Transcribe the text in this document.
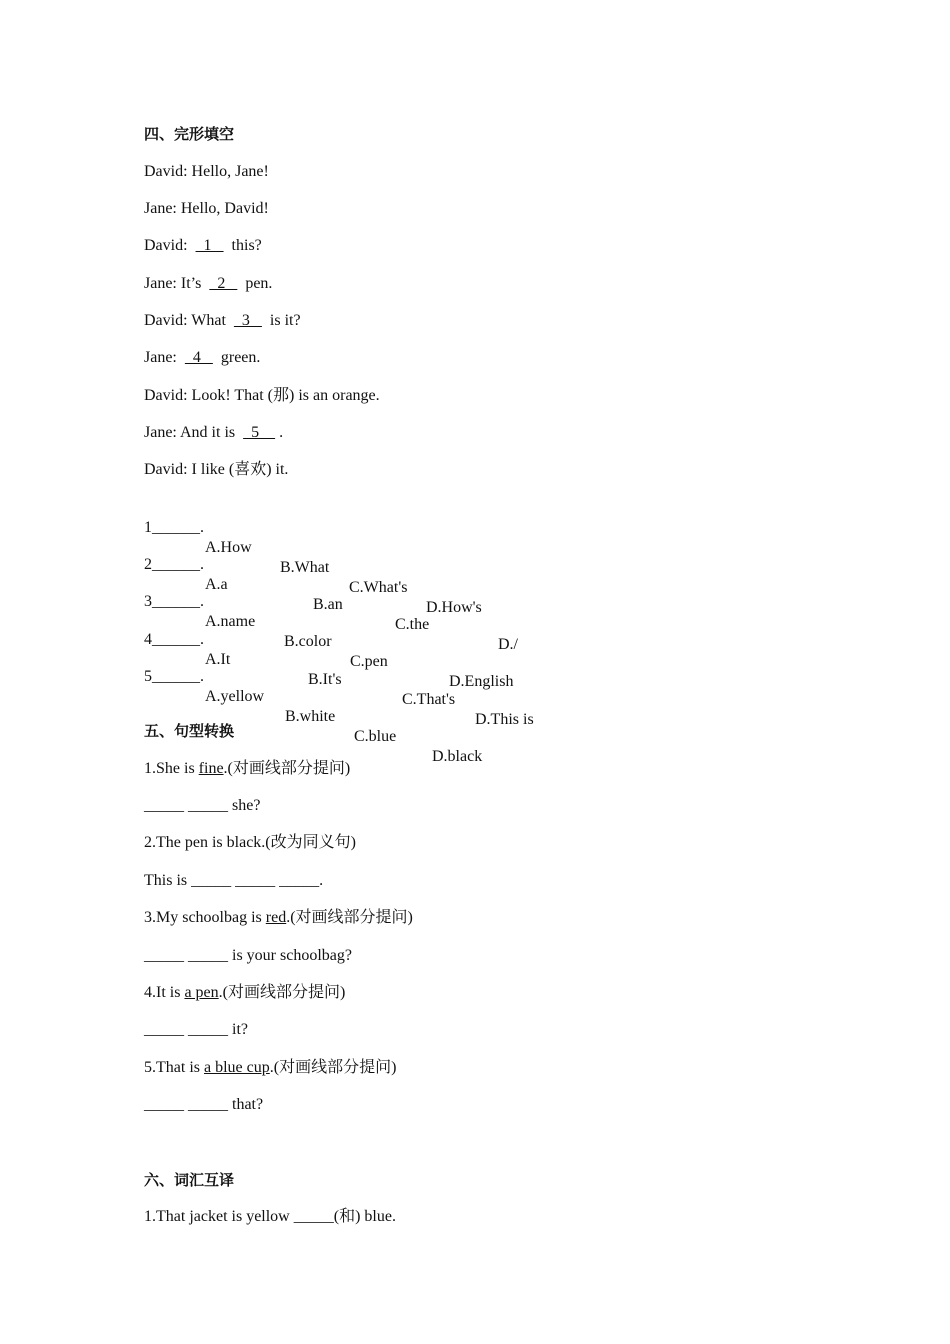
四、完形填空
David: Hello, Jane!
Jane: Hello, David!
David:    1     this?
Jane: It’s    2     pen.
David: What    3     is it?
Jane:    4     green.
David: Look! That (那) is an orange.
Jane: And it is    5     .
David: I like (喜欢) it.

1______.

A.How

B.What

C.What's

D.How's

2______.

A.a

B.an

C.the

D./

3______.

A.name

B.color

C.pen

D.English

4______.

A.It

B.It's

C.That's

D.This is

5______.

A.yellow

B.white

C.blue

D.black

五、句型转换
1.She is fine.(对画线部分提问)
_____ _____ she?
2.The pen is black.(改为同义句)
This is _____ _____ _____.
3.My schoolbag is red.(对画线部分提问)
_____ _____ is your schoolbag?
4.It is a pen.(对画线部分提问)
_____ _____ it?
5.That is a blue cup.(对画线部分提问)
_____ _____ that?
六、词汇互译
1.That jacket is yellow _____(和) blue.
